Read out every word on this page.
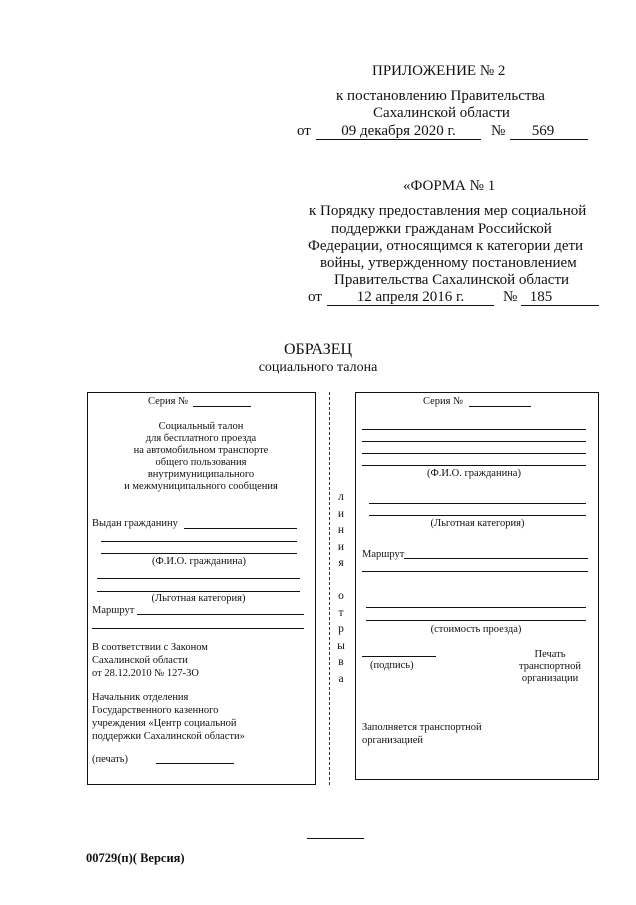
ПРИЛОЖЕНИЕ № 2
к постановлению Правительства
Сахалинской области
от	09 декабря 2020 г.	№	569
«ФОРМА № 1
к Порядку предоставления мер социальной
поддержки гражданам Российской
Федерации, относящимся к категории дети
войны, утвержденному постановлением
Правительства Сахалинской области
от	12 апреля 2016 г.	№ 185
ОБРАЗЕЦ
социального талона
Серия №
Социальный талон
для бесплатного проезда
на автомобильном транспорте
общего пользования
внутримуниципального
и межмуниципального сообщения
Выдан гражданину
(Ф.И.О. гражданина)
(Льготная категория)
Маршрут
В соответствии с Законом
Сахалинской области
от 28.12.2010 № 127-ЗО
Начальник отделения
Государственного казенного
учреждения «Центр социальной
поддержки Сахалинской области»
(печать)
л
и
н
и
я
о
т
р
ы
в
а
Серия №
(Ф.И.О. гражданина)
(Льготная категория)
Маршрут
(стоимость проезда)
(подпись)
Печать
транспортной
организации
Заполняется транспортной
организацией
00729(п)( Версия)
